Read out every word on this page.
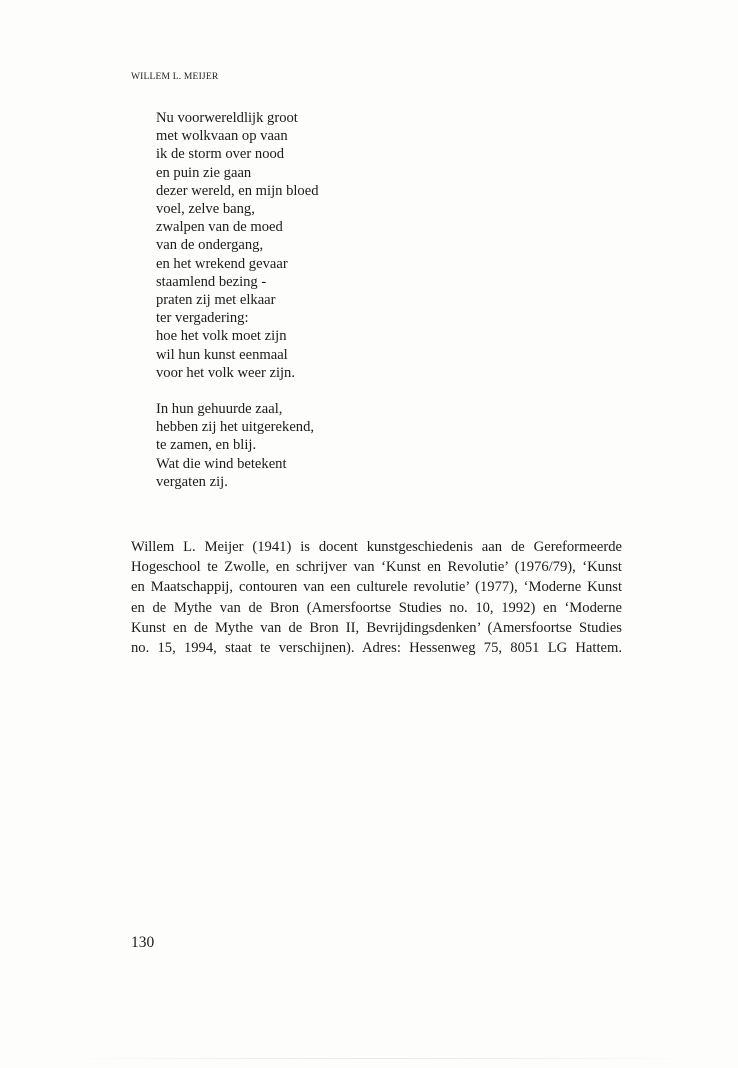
WILLEM L. MEIJER
Nu voorwereldlijk groot
met wolkvaan op vaan
ik de storm over nood
en puin zie gaan
dezer wereld, en mijn bloed
voel, zelve bang,
zwalpen van de moed
van de ondergang,
en het wrekend gevaar
staamlend bezing -
praten zij met elkaar
ter vergadering:
hoe het volk moet zijn
wil hun kunst eenmaal
voor het volk weer zijn.
In hun gehuurde zaal,
hebben zij het uitgerekend,
te zamen, en blij.
Wat die wind betekent
vergaten zij.
Willem L. Meijer (1941) is docent kunstgeschiedenis aan de Gereformeerde
Hogeschool te Zwolle, en schrijver van ‘Kunst en Revolutie’ (1976/79), ‘Kunst
en Maatschappij, contouren van een culturele revolutie’ (1977), ‘Moderne Kunst
en de Mythe van de Bron (Amersfoortse Studies no. 10, 1992) en ‘Moderne
Kunst en de Mythe van de Bron II, Bevrijdingsdenken’ (Amersfoortse Studies
no. 15, 1994, staat te verschijnen). Adres: Hessenweg 75, 8051 LG Hattem.
130
